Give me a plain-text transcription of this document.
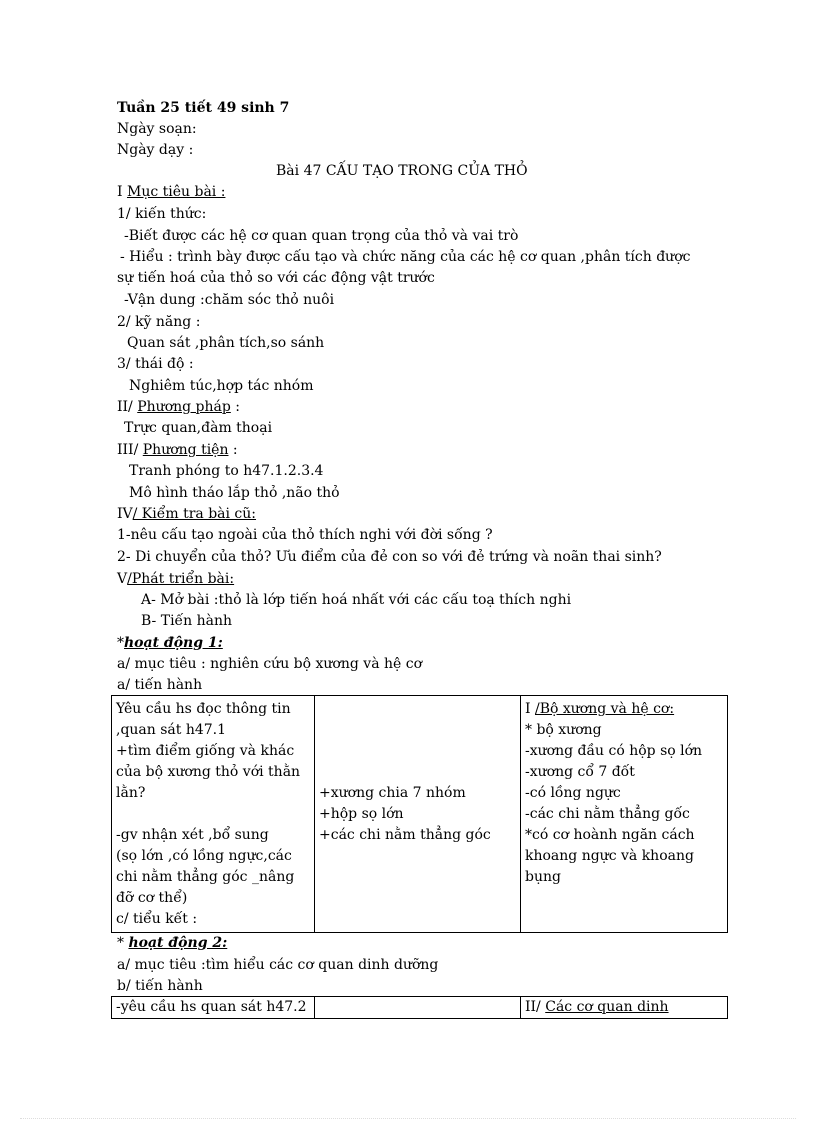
Tuần 25 tiết 49 sinh 7
Ngày soạn:
Ngày dạy :
Bài 47 CẤU TẠO TRONG CỦA THỎ
I Mục tiêu bài :
1/ kiến thức:
-Biết được các hệ cơ quan quan trọng của thỏ và vai trò
- Hiểu : trình bày được cấu tạo và chức năng của các hệ cơ quan ,phân tích được
sự tiến hoá của thỏ so với các động vật trước
-Vận dung :chăm sóc thỏ nuôi
2/ kỹ năng :
Quan sát ,phân tích,so sánh
3/ thái độ :
Nghiêm túc,hợp tác nhóm
II/ Phương pháp :
Trực quan,đàm thoại
III/ Phương tiện :
Tranh phóng to h47.1.2.3.4
Mô hình tháo lắp thỏ ,não thỏ
IV/ Kiểm tra bài cũ:
1-nêu cấu tạo ngoài của thỏ thích nghi với đời sống ?
2- Di chuyển của thỏ? Ưu điểm của đẻ con so với đẻ trứng và noãn thai sinh?
V/Phát triển bài:
A- Mở bài :thỏ là lớp tiến hoá nhất với các cấu toạ thích nghi
B- Tiến hành
*hoạt động 1:
a/ mục tiêu : nghiên cứu bộ xương và hệ cơ
a/ tiến hành
Yêu cầu hs đọc thông tin
,quan sát h47.1
+tìm điểm giống và khác
của bộ xương thỏ với thằn
lằn?
-gv nhận xét ,bổ sung
(sọ lớn ,có lồng ngực,các
chi nằm thẳng góc _nâng
đỡ cơ thể)
c/ tiểu kết :

+xương chia 7 nhóm
+hộp sọ lớn
+các chi nằm thẳng góc

I /Bộ xương và hệ cơ:
* bộ xương
-xương đầu có hộp sọ lớn
-xương cổ 7 đốt
-có lồng ngực
-các chi nằm thẳng gốc
*có cơ hoành ngăn cách
khoang ngực và khoang
bụng
* hoạt động 2:
a/ mục tiêu :tìm hiểu các cơ quan dinh dưỡng
b/ tiến hành
-yêu cầu hs quan sát h47.2		II/ Các cơ quan dinh
